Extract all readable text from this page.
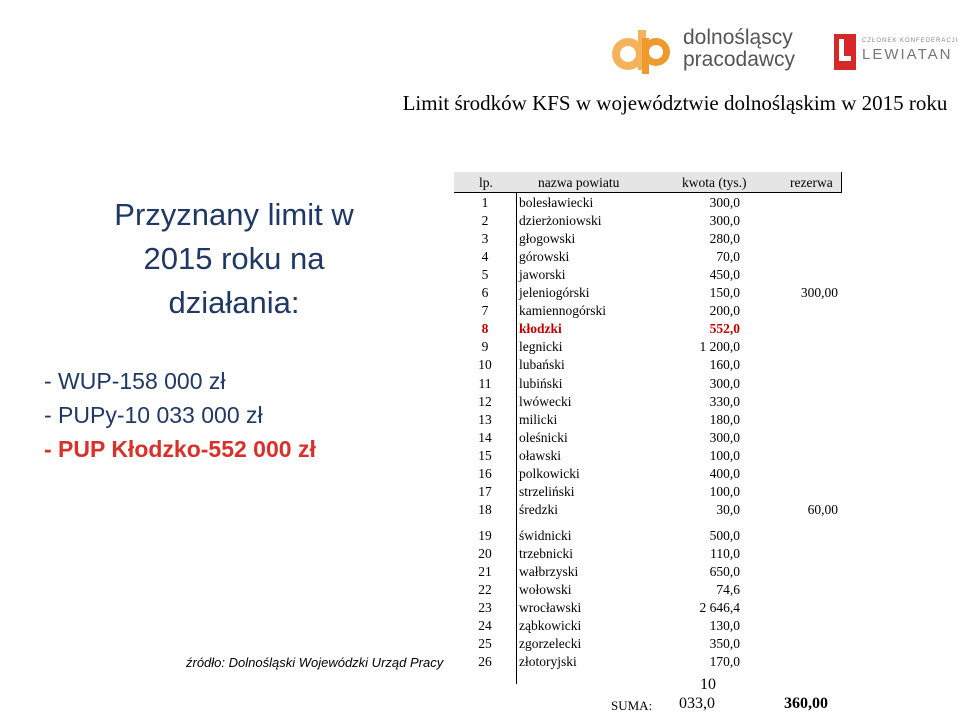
dolnośląscy
pracodawcy
CZŁONEK KONFEDERACJI
LEWIATAN
Limit środków KFS w województwie dolnośląskim w 2015 roku
Przyznany limit w 2015 roku na działania:
- WUP-158 000 zł
- PUPy-10 033 000 zł
- PUP Kłodzko-552 000 zł
źródło: Dolnośląski Wojewódzki Urząd Pracy
lp.	nazwa powiatu	kwota (tys.)	rezerwa
1	bolesławiecki	300,0
2	dzierżoniowski	300,0
3	głogowski	280,0
4	górowski	70,0
5	jaworski	450,0
6	jeleniogórski	150,0	300,00
7	kamiennogórski	200,0
8	kłodzki	552,0
9	legnicki	1 200,0
10	lubański	160,0
11	lubiński	300,0
12	lwówecki	330,0
13	milicki	180,0
14	oleśnicki	300,0
15	oławski	100,0
16	polkowicki	400,0
17	strzeliński	100,0
18	średzki	30,0	60,00
19	świdnicki	500,0
20	trzebnicki	110,0
21	wałbrzyski	650,0
22	wołowski	74,6
23	wrocławski	2 646,4
24	ząbkowicki	130,0
25	zgorzelecki	350,0
26	złotoryjski	170,0
10
SUMA: 033,0	360,00
